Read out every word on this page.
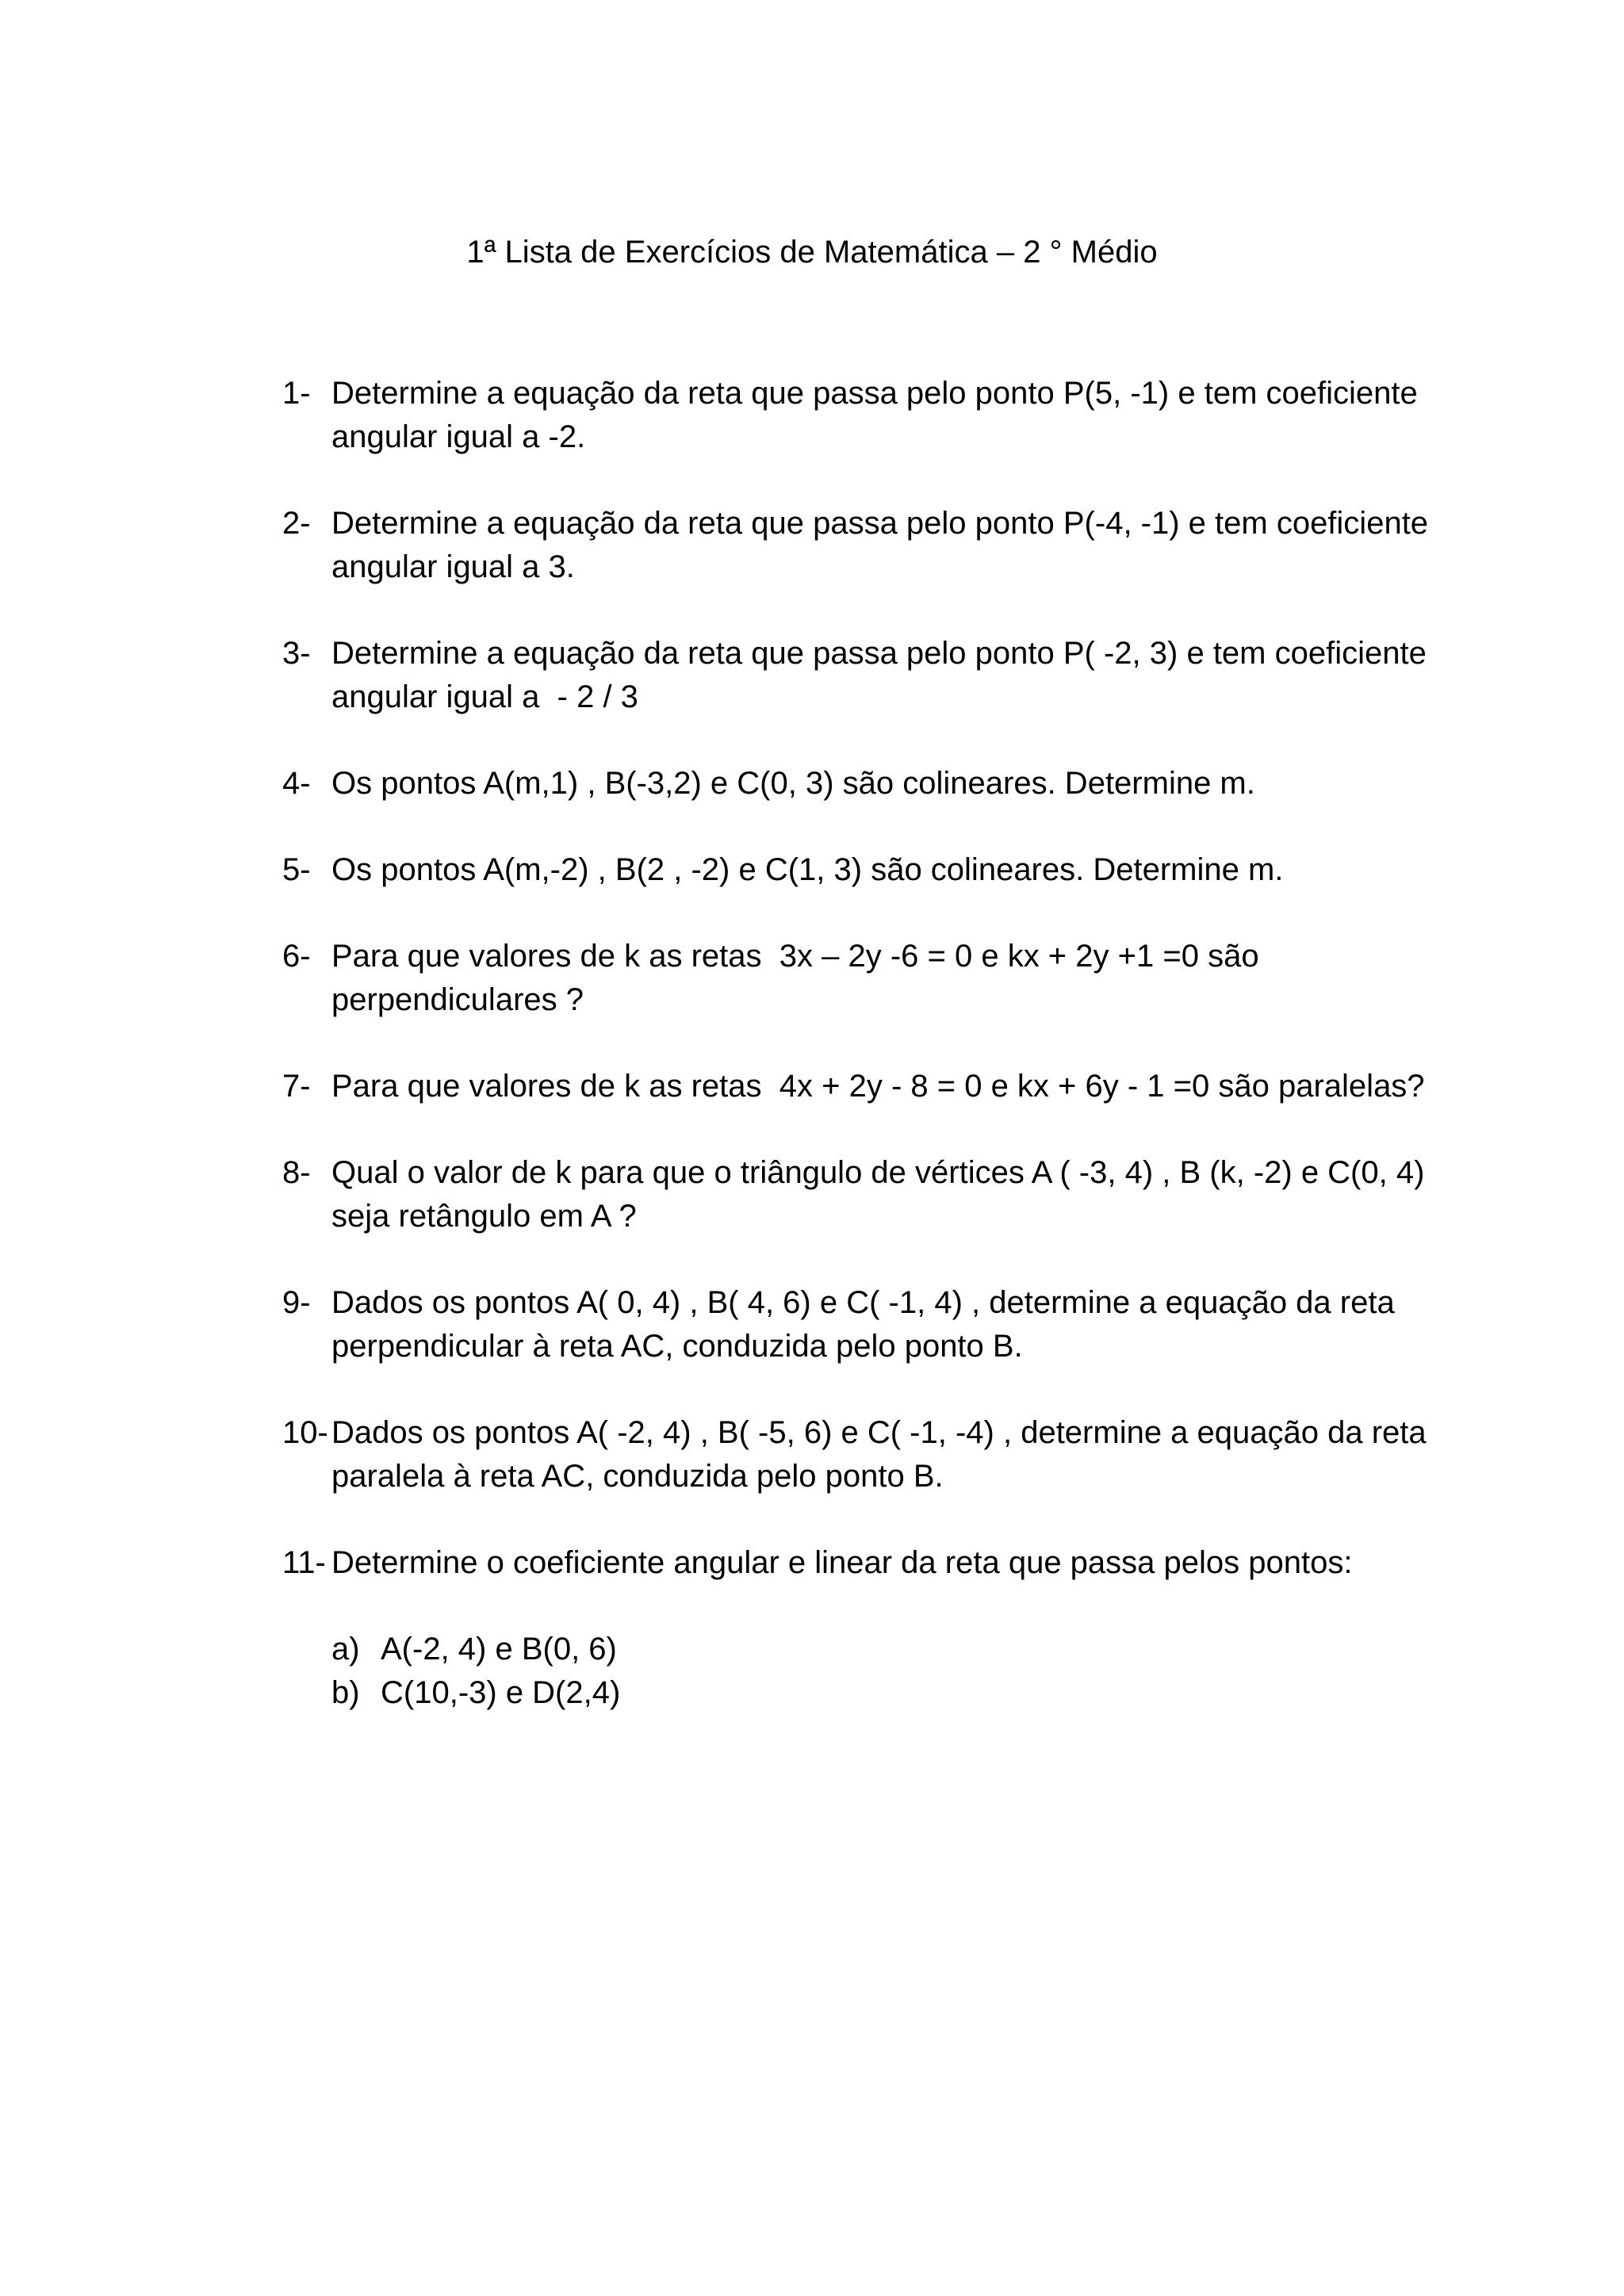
1ª Lista de Exercícios de Matemática – 2 ° Médio
1- Determine a equação da reta que passa pelo ponto P(5, -1) e tem coeficiente angular igual a -2.
2- Determine a equação da reta que passa pelo ponto P(-4, -1) e tem coeficiente angular igual a 3.
3- Determine a equação da reta que passa pelo ponto P( -2, 3) e tem coeficiente angular igual a  - 2 / 3
4- Os pontos A(m,1) , B(-3,2) e C(0, 3) são colineares. Determine m.
5- Os pontos A(m,-2) , B(2 , -2) e C(1, 3) são colineares. Determine m.
6- Para que valores de k as retas  3x – 2y -6 = 0 e kx + 2y +1 =0 são perpendiculares ?
7- Para que valores de k as retas  4x + 2y - 8 = 0 e kx + 6y - 1 =0 são paralelas?
8- Qual o valor de k para que o triângulo de vértices A ( -3, 4) , B (k, -2) e C(0, 4) seja retângulo em A ?
9- Dados os pontos A( 0, 4) , B( 4, 6) e C( -1, 4) , determine a equação da reta perpendicular à reta AC, conduzida pelo ponto B.
10- Dados os pontos A( -2, 4) , B( -5, 6) e C( -1, -4) , determine a equação da reta paralela à reta AC, conduzida pelo ponto B.
11- Determine o coeficiente angular e linear da reta que passa pelos pontos:
a) A(-2, 4) e B(0, 6)
b) C(10,-3) e D(2,4)
